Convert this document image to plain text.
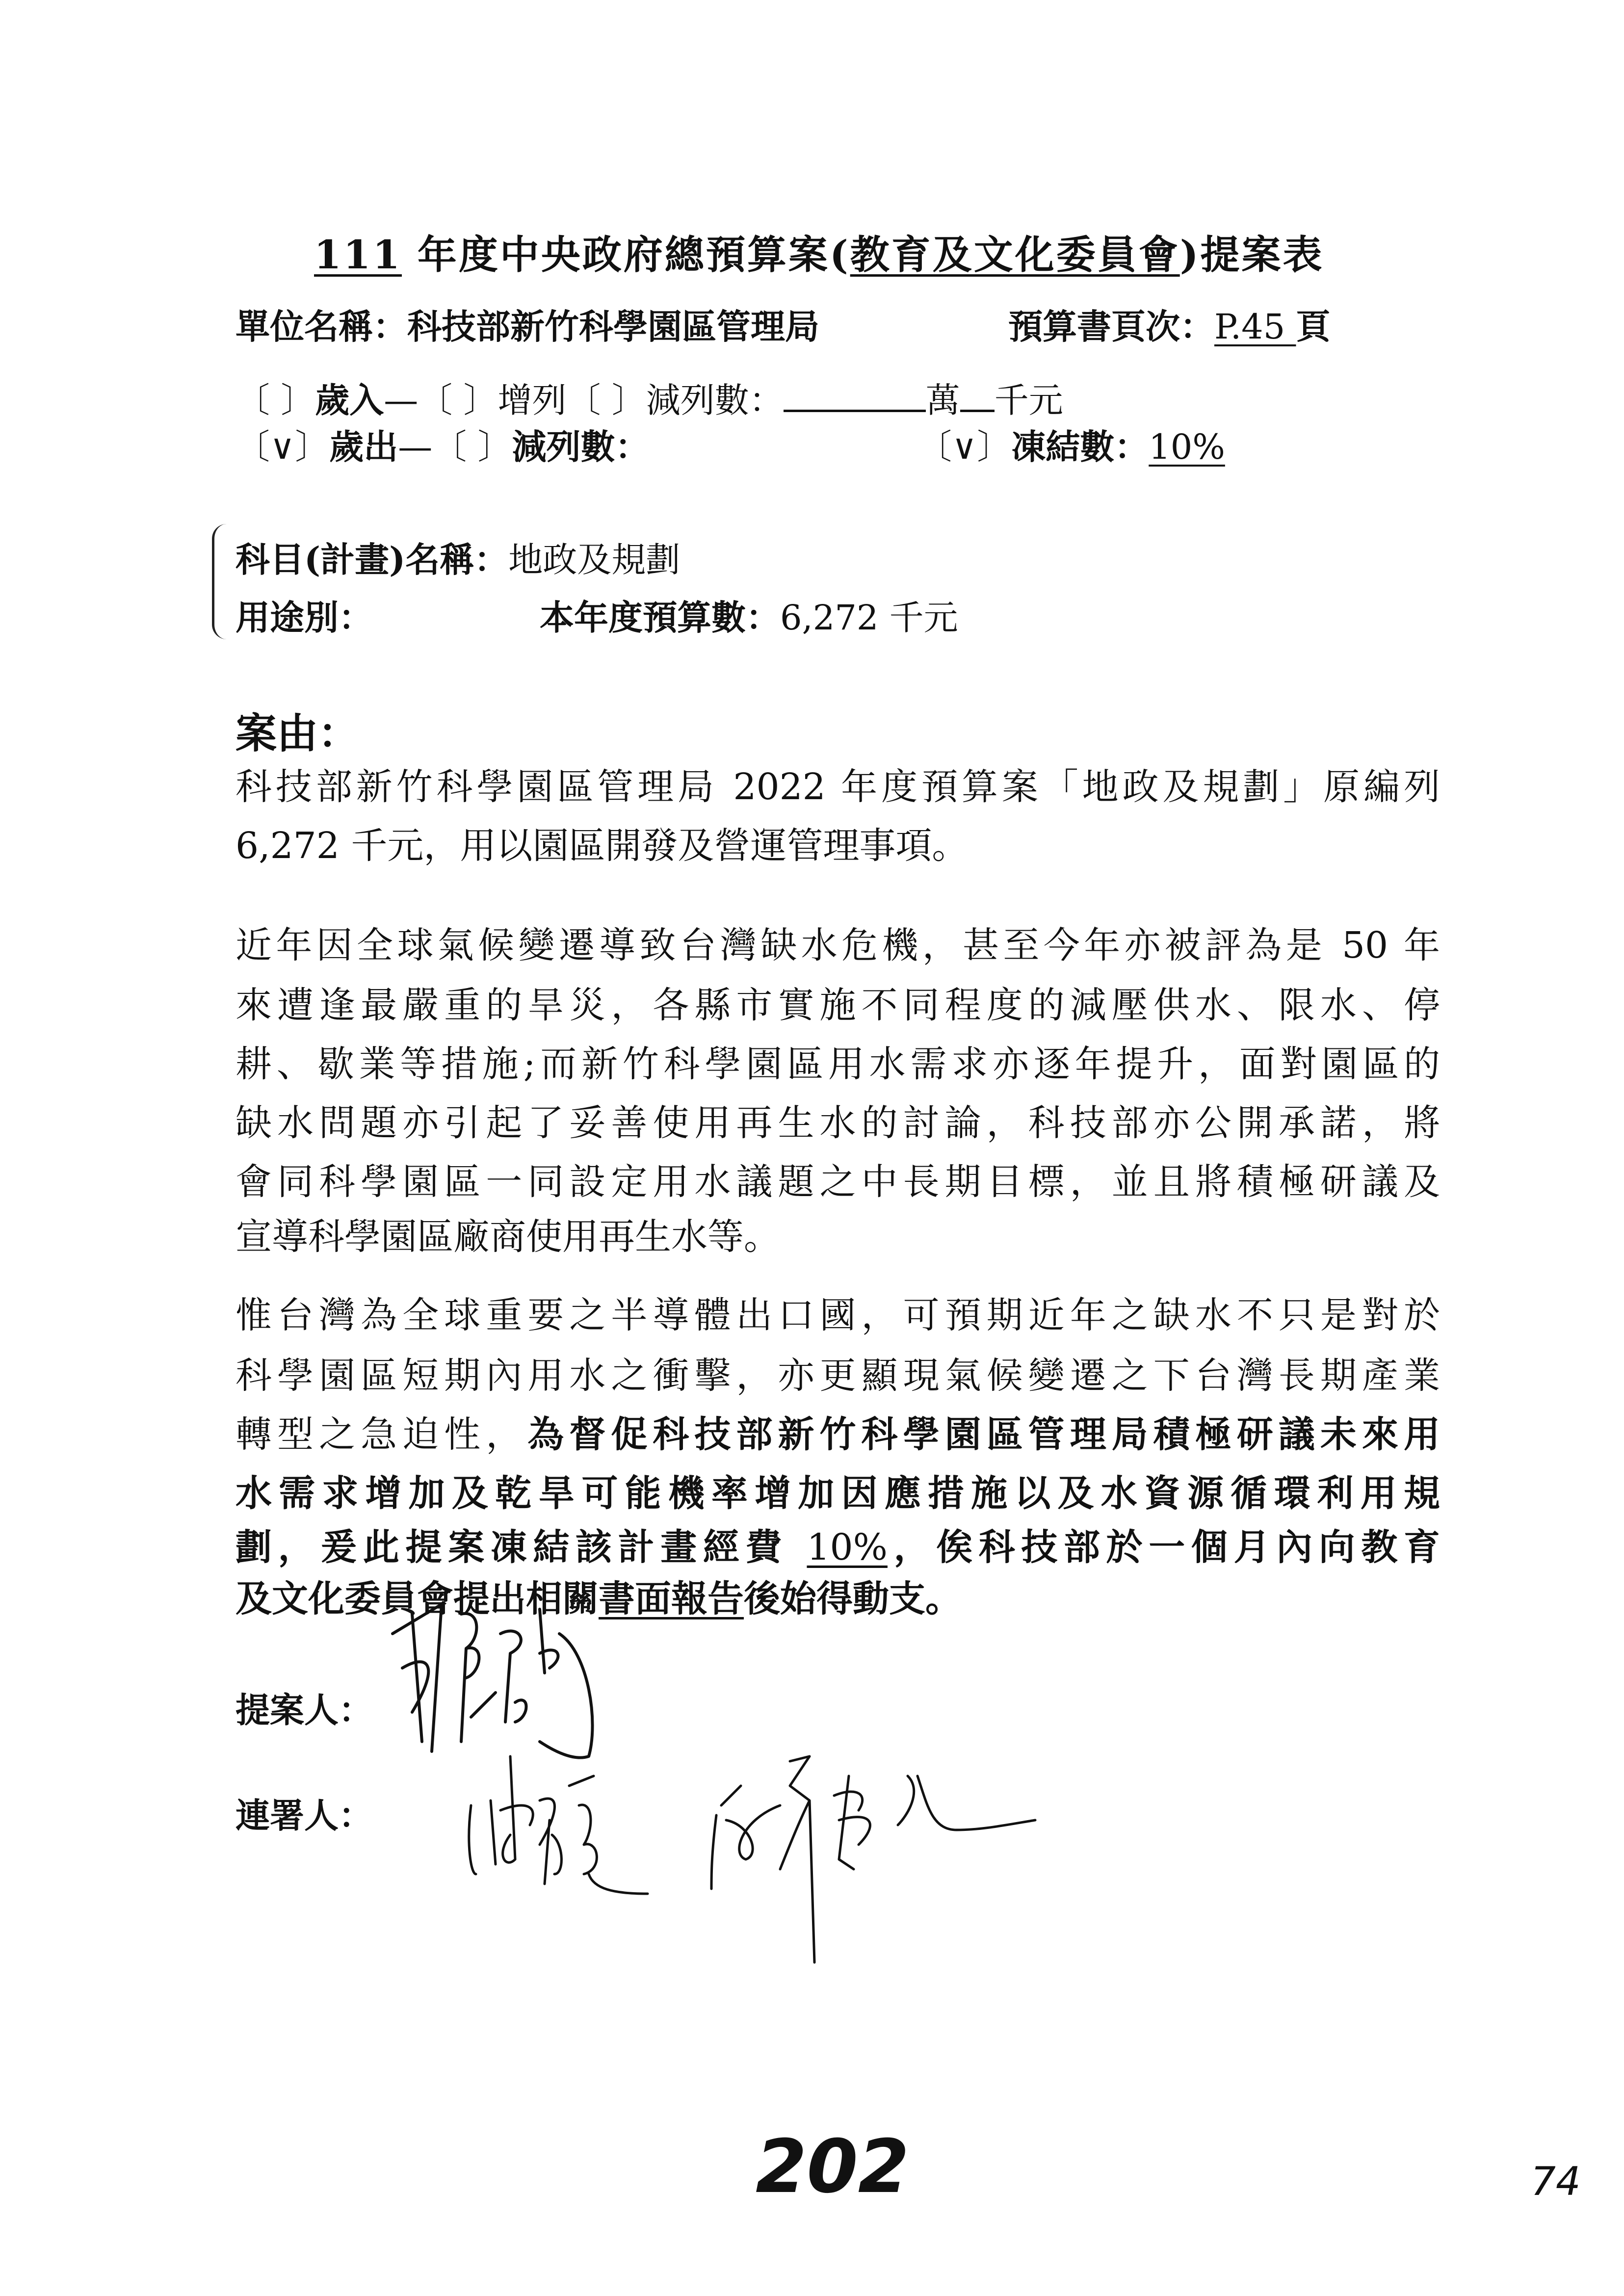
111 年度中央政府總預算案(教育及文化委員會)提案表
單位名稱：科技部新竹科學園區管理局	預算書頁次：P.45 頁
〔 〕歲入—〔 〕增列〔 〕減列數：	萬 千元
〔∨〕歲出—〔 〕減列數：	〔∨〕凍結數：10%
科目(計畫)名稱：地政及規劃
用途別：	本年度預算數：6,272 千元
案由：
科技部新竹科學園區管理局 2022 年度預算案「地政及規劃」原編列
6,272 千元，用以園區開發及營運管理事項。
近年因全球氣候變遷導致台灣缺水危機，甚至今年亦被評為是 50 年
來遭逢最嚴重的旱災，各縣市實施不同程度的減壓供水、限水、停
耕、歇業等措施;而新竹科學園區用水需求亦逐年提升，面對園區的
缺水問題亦引起了妥善使用再生水的討論，科技部亦公開承諾，將
會同科學園區一同設定用水議題之中長期目標，並且將積極研議及
宣導科學園區廠商使用再生水等。
惟台灣為全球重要之半導體出口國，可預期近年之缺水不只是對於
科學園區短期內用水之衝擊，亦更顯現氣候變遷之下台灣長期產業
轉型之急迫性，為督促科技部新竹科學園區管理局積極研議未來用
水需求增加及乾旱可能機率增加因應措施以及水資源循環利用規
劃，爰此提案凍結該計畫經費 10%，俟科技部於一個月內向教育
及文化委員會提出相關書面報告後始得動支。
提案人：
連署人：
202	74
